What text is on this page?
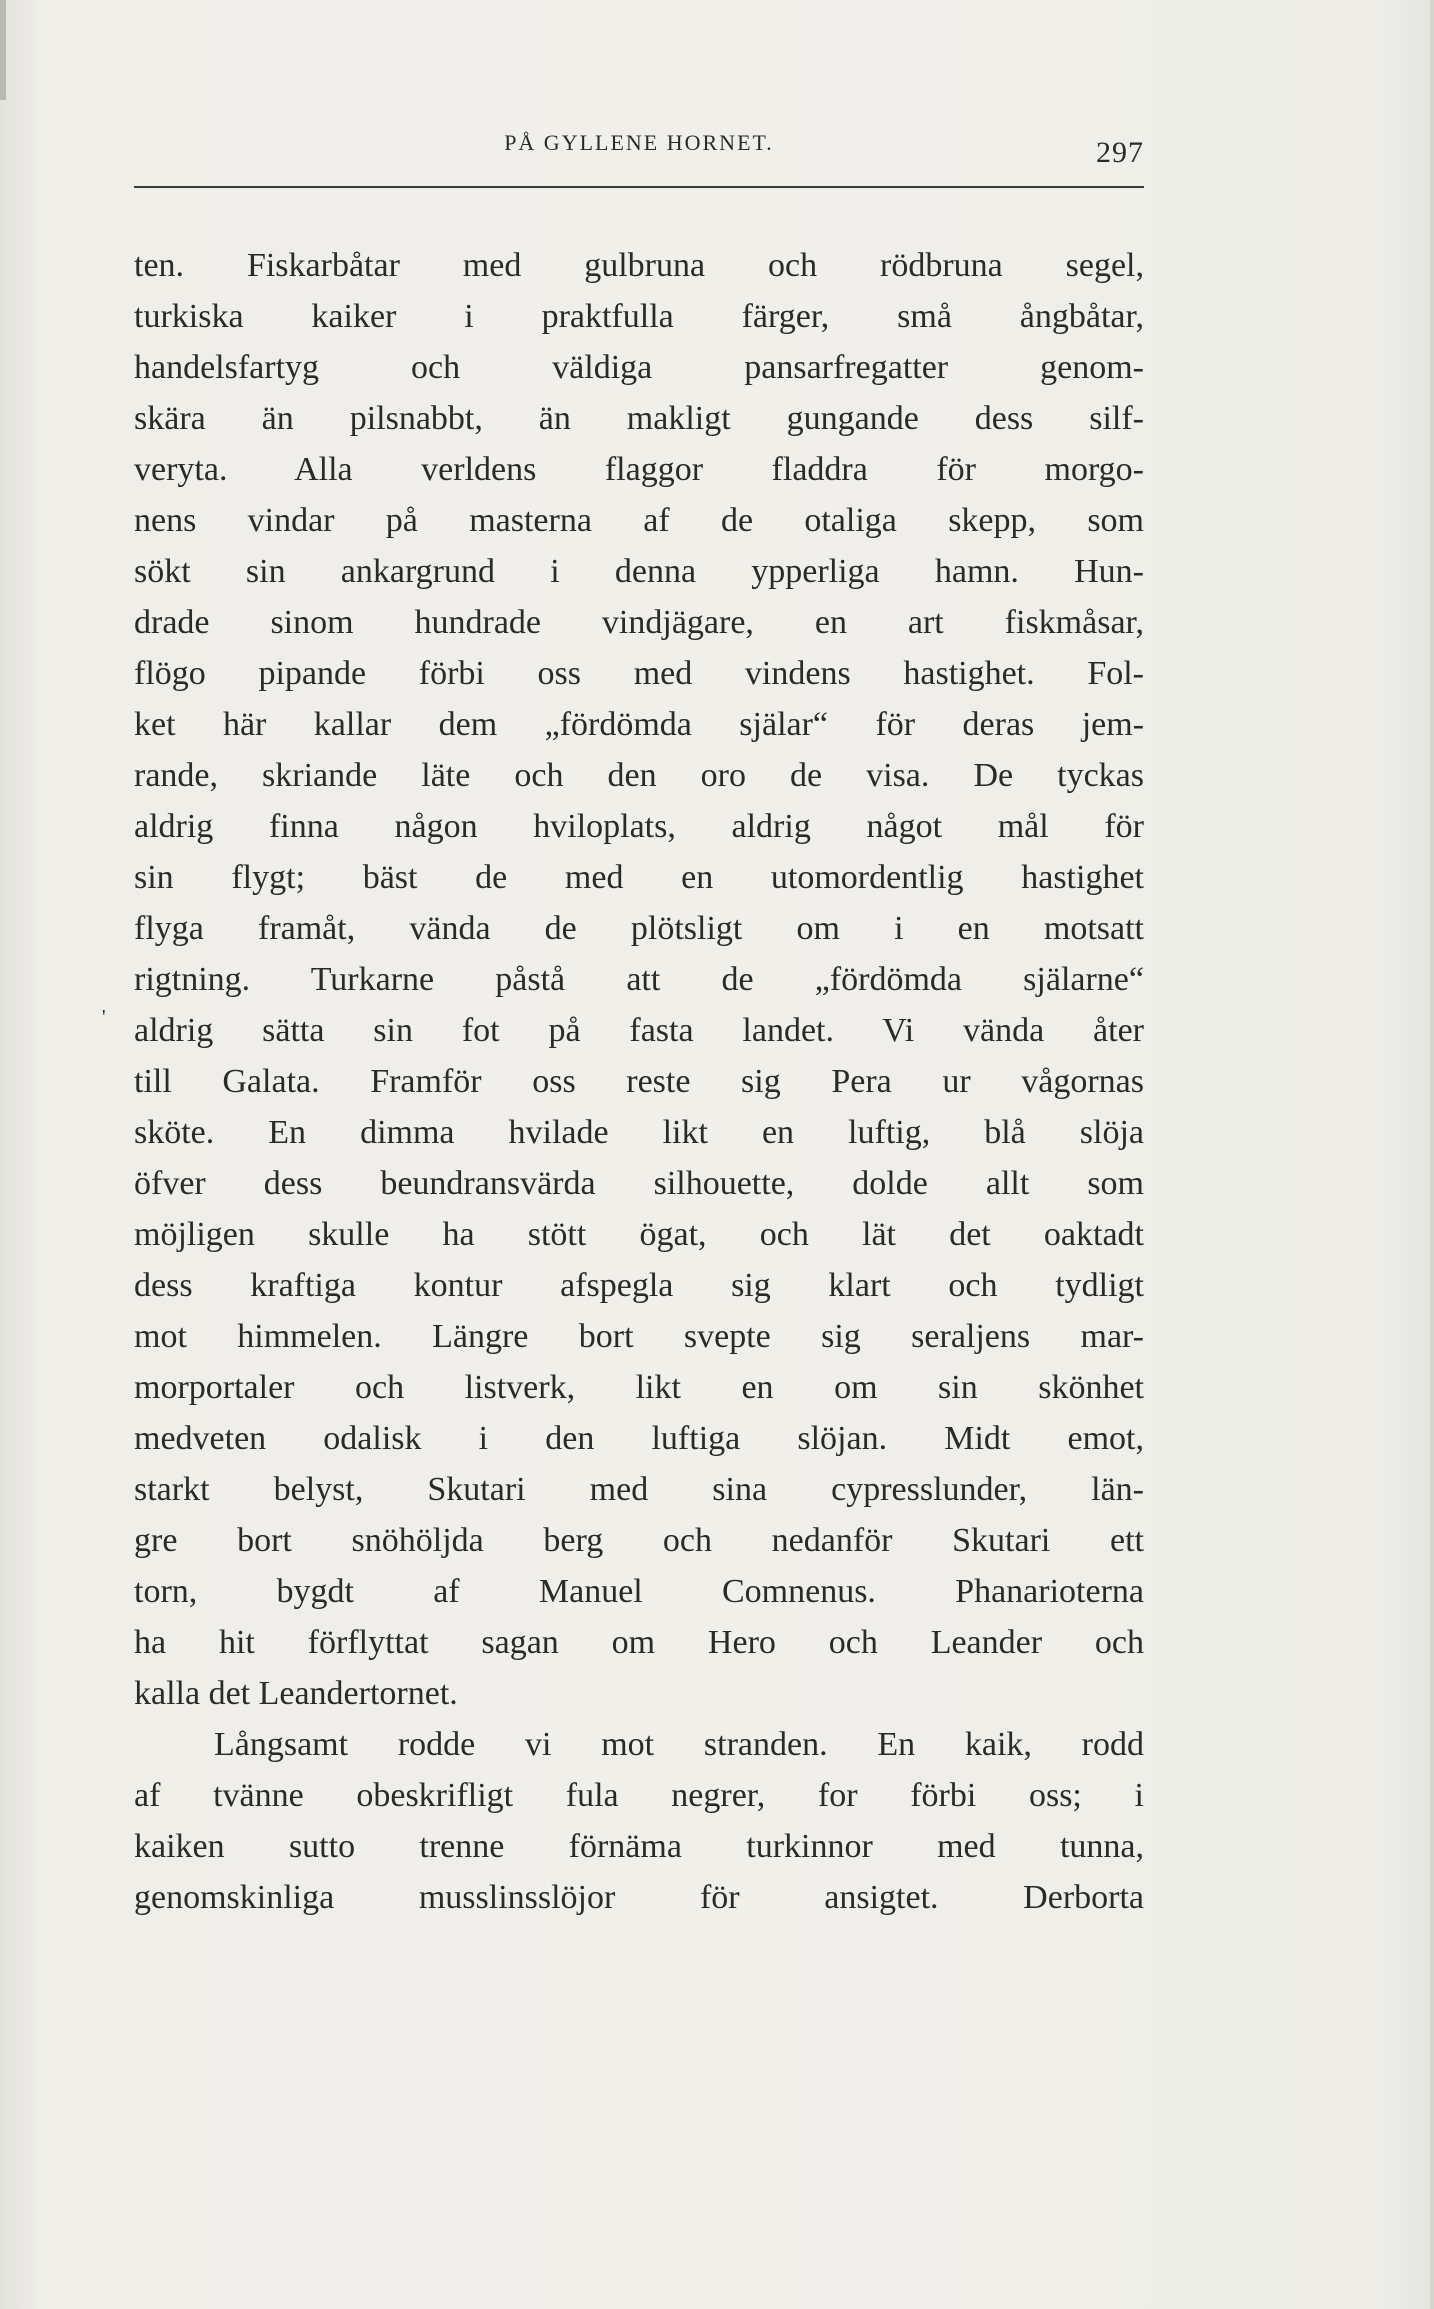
PÅ GYLLENE HORNET.	297
'
ten. Fiskarbåtar med gulbruna och rödbruna segel,
turkiska kaiker i praktfulla färger, små ångbåtar,
handelsfartyg och väldiga pansarfregatter genom-
skära än pilsnabbt, än makligt gungande dess silf-
veryta. Alla verldens flaggor fladdra för morgo-
nens vindar på masterna af de otaliga skepp, som
sökt sin ankargrund i denna ypperliga hamn. Hun-
drade sinom hundrade vindjägare, en art fiskmåsar,
flögo pipande förbi oss med vindens hastighet. Fol-
ket här kallar dem „fördömda själar“ för deras jem-
rande, skriande läte och den oro de visa. De tyckas
aldrig finna någon hviloplats, aldrig något mål för
sin flygt; bäst de med en utomordentlig hastighet
flyga framåt, vända de plötsligt om i en motsatt
rigtning. Turkarne påstå att de „fördömda själarne“
aldrig sätta sin fot på fasta landet. Vi vända åter
till Galata. Framför oss reste sig Pera ur vågornas
sköte. En dimma hvilade likt en luftig, blå slöja
öfver dess beundransvärda silhouette, dolde allt som
möjligen skulle ha stött ögat, och lät det oaktadt
dess kraftiga kontur afspegla sig klart och tydligt
mot himmelen. Längre bort svepte sig seraljens mar-
morportaler och listverk, likt en om sin skönhet
medveten odalisk i den luftiga slöjan. Midt emot,
starkt belyst, Skutari med sina cypresslunder, län-
gre bort snöhöljda berg och nedanför Skutari ett
torn, bygdt af Manuel Comnenus. Phanarioterna
ha hit förflyttat sagan om Hero och Leander och
kalla det Leandertornet.
Långsamt rodde vi mot stranden. En kaik, rodd
af tvänne obeskrifligt fula negrer, for förbi oss; i
kaiken sutto trenne förnäma turkinnor med tunna,
genomskinliga musslinsslöjor för ansigtet. Derborta
